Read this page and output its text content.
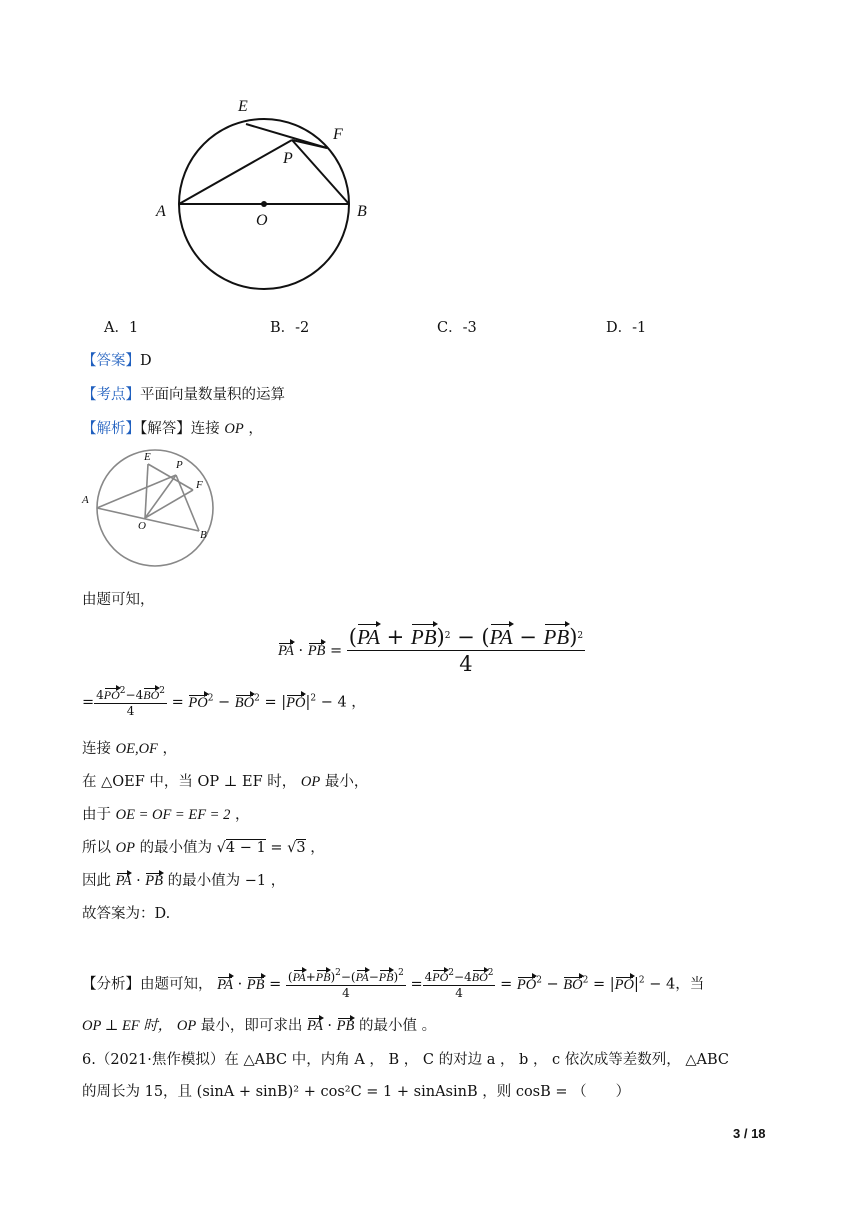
E
F
P
A
O
B
A．1	B．-2	C．-3	D．-1
【答案】D
【考点】平面向量数量积的运算
【解析】【解答】连接 OP ，
E
P
F
A
O
B
由题可知，
PA · PB = $\frac{(PA + PB)^2 - (PA - PB)^2}{4}$
= $\frac{4PO^2-4BO^2}{4} = PO^2 - BO^2 = |PO|^2 - 4$ ，
连接 OE,OF ，
在 △OEF 中，当 OP ⊥ EF 时， OP 最小，
由于 OE = OF = EF = 2 ，
所以 OP 的最小值为 √4 − 1 = √3 ，
因此 PA · PB 的最小值为 −1 ，
故答案为：D.
【分析】由题可知， PA · PB = $\frac{(PA+PB)^2-(PA-PB)^2}{4} = \frac{4PO^2-4BO^2}{4} = PO^2 - BO^2 = |PO|^2 - 4$，当
OP ⊥ EF 时， OP 最小，即可求出 PA · PB 的最小值 。
6.（2021·焦作模拟）在 △ABC 中，内角 A ， B ， C 的对边 a ， b ， c 依次成等差数列， △ABC
的周长为 15，且 (sinA + sinB)² + cos²C = 1 + sinAsinB ，则 cosB = （　　）
3 / 18
